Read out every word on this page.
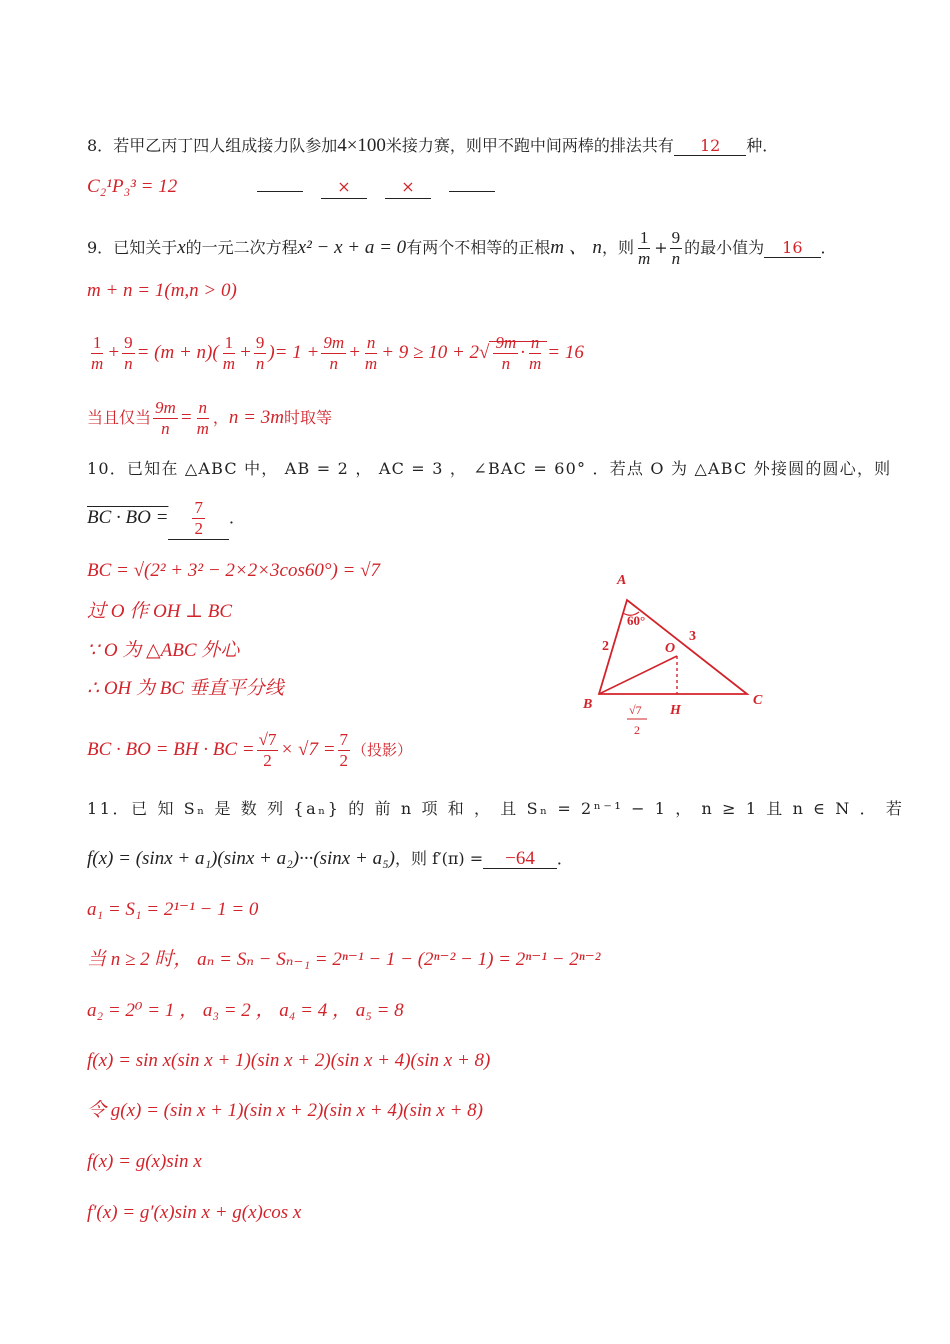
8．若甲乙丙丁四人组成接力队参加4×100米接力赛，则甲不跑中间两棒的排法共有 12 种．
C₂¹P₃³ = 12	×	×
9．已知关于x的一元二次方程x² − x + a = 0有两个不相等的正根m 、 n，则 $\frac{1}{m} + \frac{9}{n}$ 的最小值为 16 ．
m + n = 1(m,n > 0)
$\frac{1}{m} + \frac{9}{n} = (m + n)( \frac{1}{m} + \frac{9}{n}$ )= $1 + \frac{9m}{n} + \frac{n}{m} + 9 \ge 10 + 2√ \frac{9m}{n} \cdot \frac{n}{m} = 16$
当且仅当 $\frac{9m}{n} = \frac{n}{m}$ ，n = 3m时取等
10．已知在 △ABC 中， AB = 2 ， AC = 3 ， ∠BAC = 60° ．若点 O 为 △ABC 外接圆的圆心，则
BC · BO = $\frac{7}{2}$ ．
BC = √(2² + 3² − 2×2×3cos60°) = √7
过 O 作 OH ⊥ BC
∵ O 为 △ABC 外心
∴ OH 为 BC 垂直平分线
BC · BO = BH · BC = $\frac{√7}{2} \times √7 = \frac{7}{2}$ （投影）
A
60°
2
3
O
B	H
C
√7
2
11．已 知 Sₙ 是 数 列 {aₙ} 的 前 n 项 和 ， 且 Sₙ = 2ⁿ⁻¹ − 1 ， n ≥ 1 且 n ∈ N ． 若
f(x) = (sinx + a₁)(sinx + a₂)···(sinx + a₅)，则 f′(π) = −64 ．
a₁ = S₁ = 2¹⁻¹ − 1 = 0
当 n ≥ 2 时， aₙ = Sₙ − Sₙ₋₁ = 2ⁿ⁻¹ − 1 − (2ⁿ⁻² − 1) = 2ⁿ⁻¹ − 2ⁿ⁻²
a₂ = 2⁰ = 1 ， a₃ = 2 ， a₄ = 4 ， a₅ = 8
f(x) = sin x(sin x + 1)(sin x + 2)(sin x + 4)(sin x + 8)
令 g(x) = (sin x + 1)(sin x + 2)(sin x + 4)(sin x + 8)
f(x) = g(x)sin x
f′(x) = g′(x)sin x + g(x)cos x
